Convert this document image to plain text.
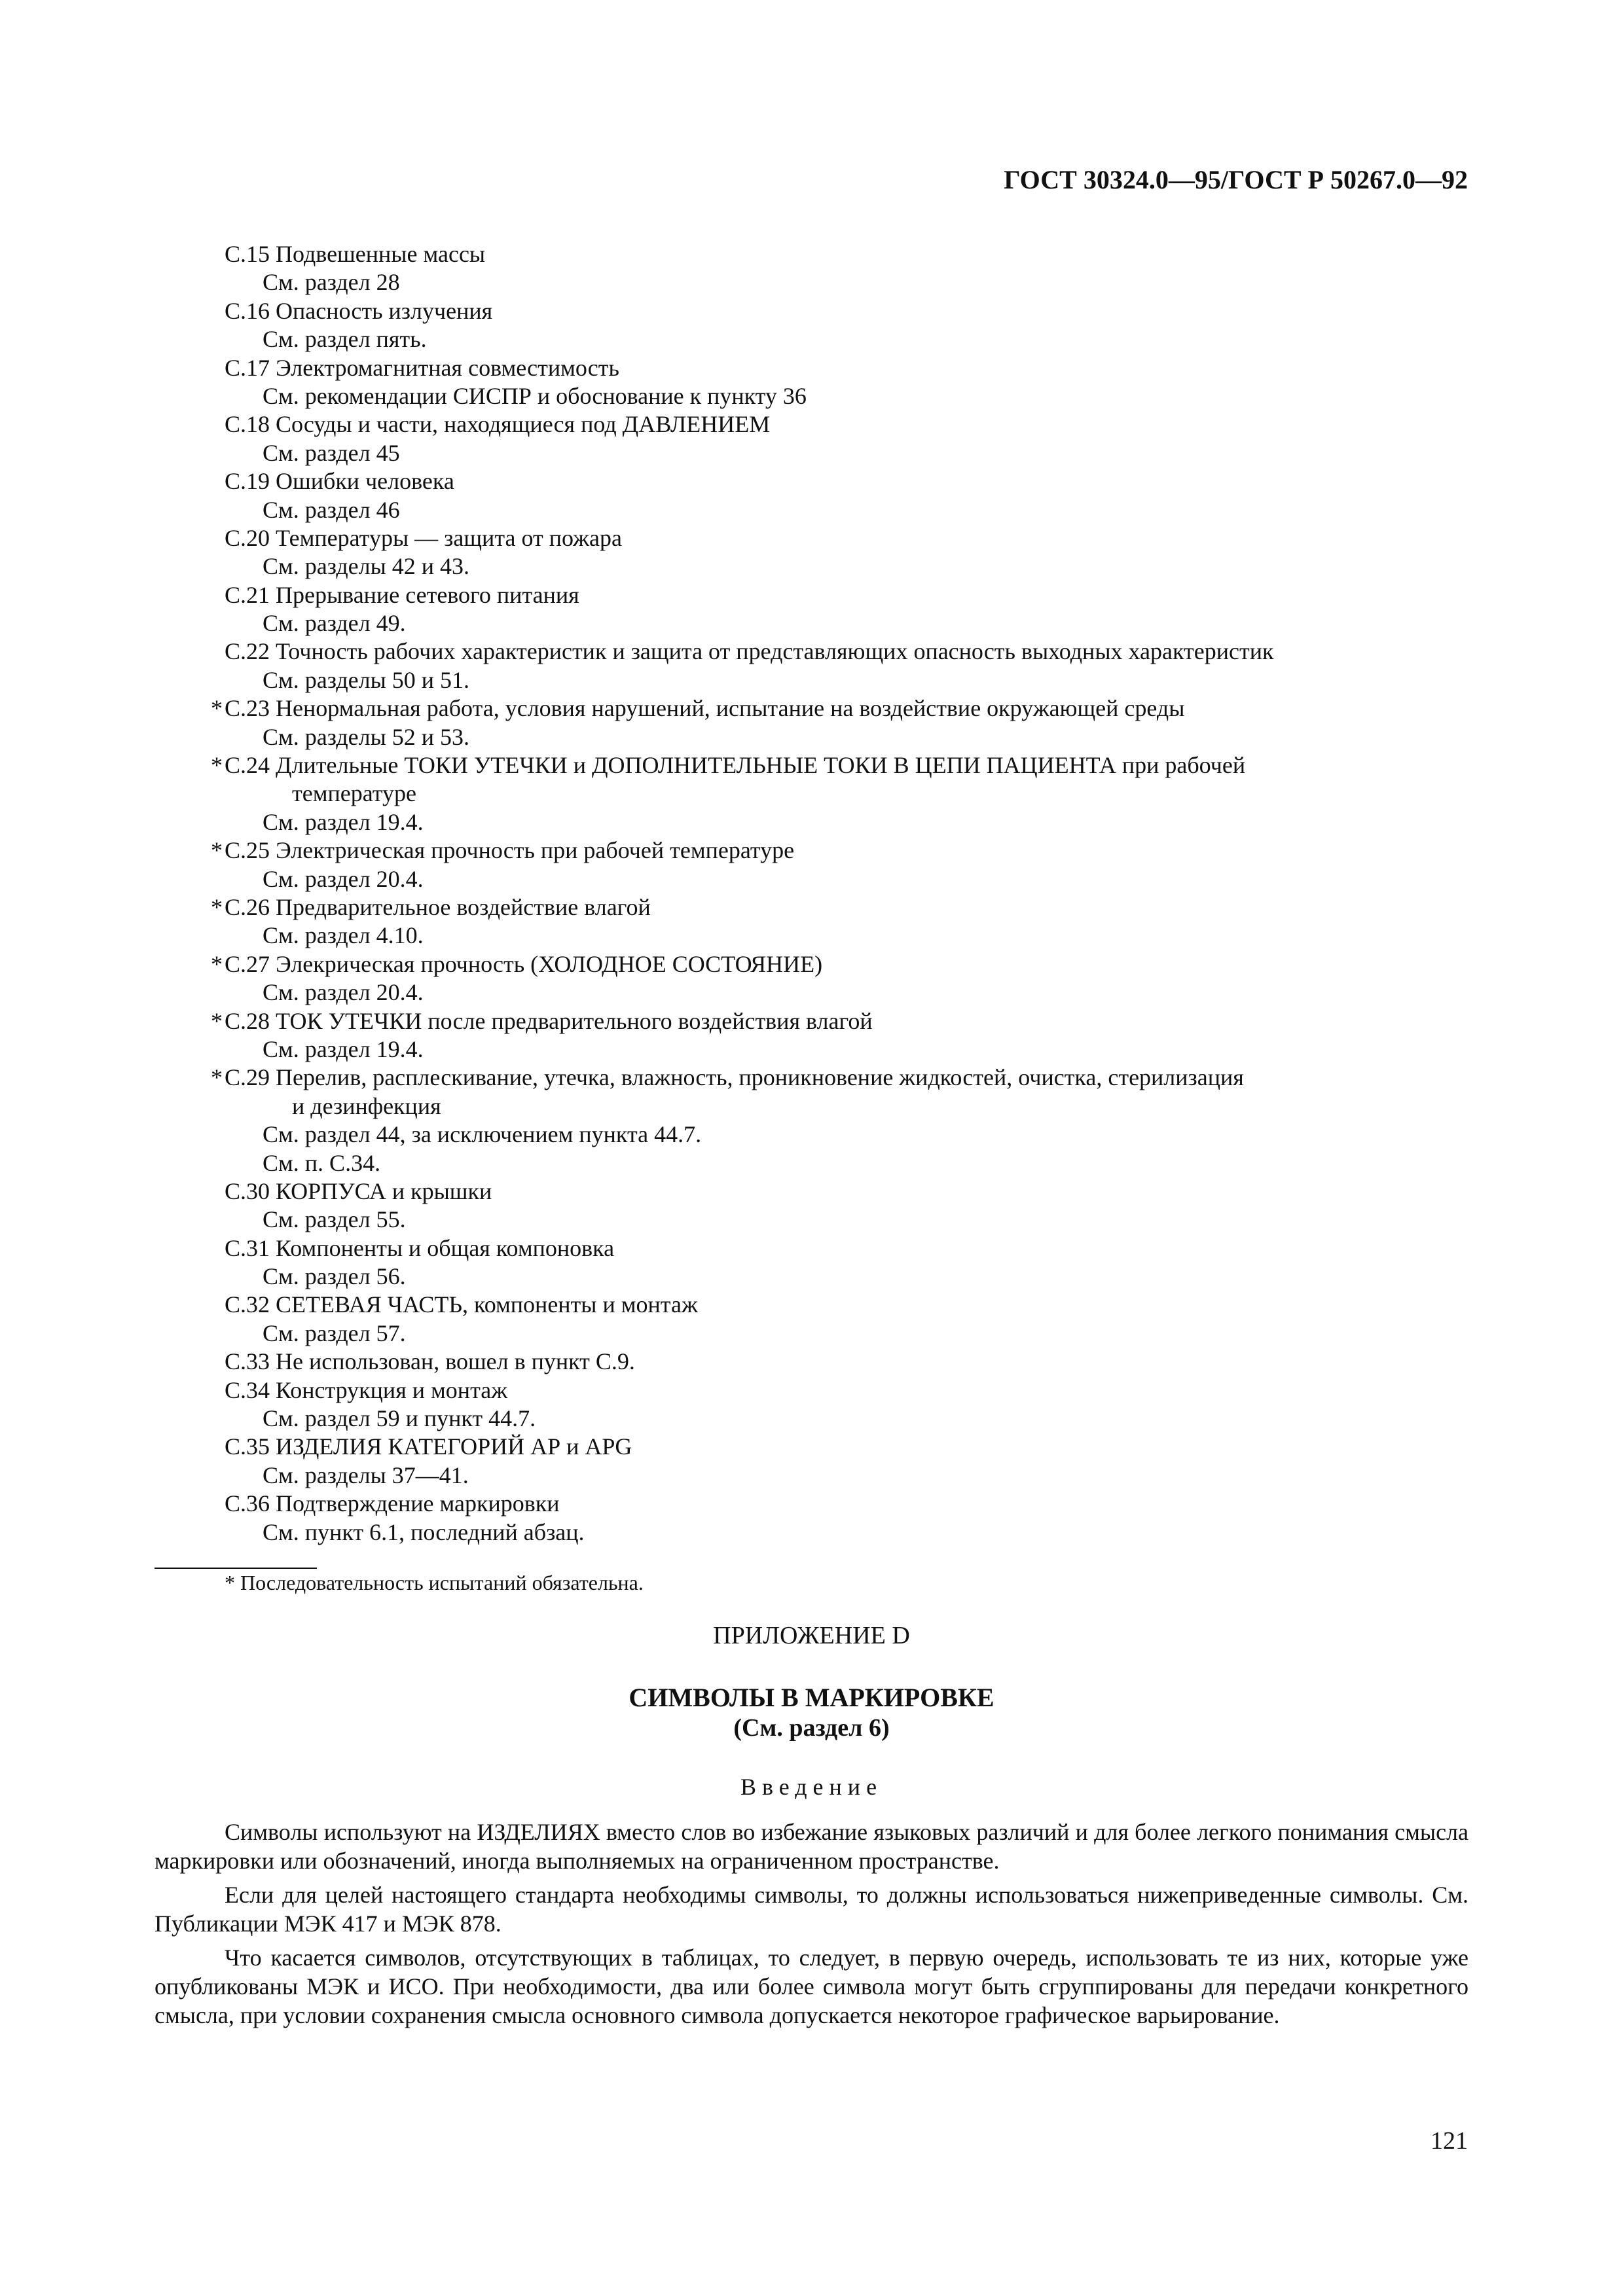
ГОСТ 30324.0—95/ГОСТ Р 50267.0—92
C.15 Подвешенные массы
См. раздел 28
C.16 Опасность излучения
См. раздел пять.
C.17 Электромагнитная совместимость
См. рекомендации СИСПР и обоснование к пункту 36
C.18 Сосуды и части, находящиеся под ДАВЛЕНИЕМ
См. раздел 45
C.19 Ошибки человека
См. раздел 46
C.20 Температуры — защита от пожара
См. разделы 42 и 43.
C.21 Прерывание сетевого питания
См. раздел 49.
C.22 Точность рабочих характеристик и защита от представляющих опасность выходных характеристик
См. разделы 50 и 51.
* C.23 Ненормальная работа, условия нарушений, испытание на воздействие окружающей среды
См. разделы 52 и 53.
* C.24 Длительные ТОКИ УТЕЧКИ и ДОПОЛНИТЕЛЬНЫЕ ТОКИ В ЦЕПИ ПАЦИЕНТА при рабочей
температуре
См. раздел 19.4.
* C.25 Электрическая прочность при рабочей температуре
См. раздел 20.4.
* C.26 Предварительное воздействие влагой
См. раздел 4.10.
* C.27 Элекрическая прочность (ХОЛОДНОЕ СОСТОЯНИЕ)
См. раздел 20.4.
* C.28 ТОК УТЕЧКИ после предварительного воздействия влагой
См. раздел 19.4.
* C.29 Перелив, расплескивание, утечка, влажность, проникновение жидкостей, очистка, стерилизация
и дезинфекция
См. раздел 44, за исключением пункта 44.7.
См. п. С.34.
C.30 КОРПУСА и крышки
См. раздел 55.
C.31 Компоненты и общая компоновка
См. раздел 56.
C.32 СЕТЕВАЯ ЧАСТЬ, компоненты и монтаж
См. раздел 57.
C.33 Не использован, вошел в пункт С.9.
C.34 Конструкция и монтаж
См. раздел 59 и пункт 44.7.
C.35 ИЗДЕЛИЯ КАТЕГОРИЙ АР и APG
См. разделы 37—41.
C.36 Подтверждение маркировки
См. пункт 6.1, последний абзац.
* Последовательность испытаний обязательна.
ПРИЛОЖЕНИЕ D
СИМВОЛЫ В МАРКИРОВКЕ
(См. раздел 6)
Введение

Символы используют на ИЗДЕЛИЯХ вместо слов во избежание языковых различий и для более легкого понимания смысла маркировки или обозначений, иногда выполняемых на ограниченном пространстве.

Если для целей настоящего стандарта необходимы символы, то должны использоваться нижеприведенные символы. См. Публикации МЭК 417 и МЭК 878.

Что касается символов, отсутствующих в таблицах, то следует, в первую очередь, использовать те из них, которые уже опубликованы МЭК и ИСО. При необходимости, два или более символа могут быть сгруппированы для передачи конкретного смысла, при условии сохранения смысла основного символа допускается некоторое графическое варьирование.

121
